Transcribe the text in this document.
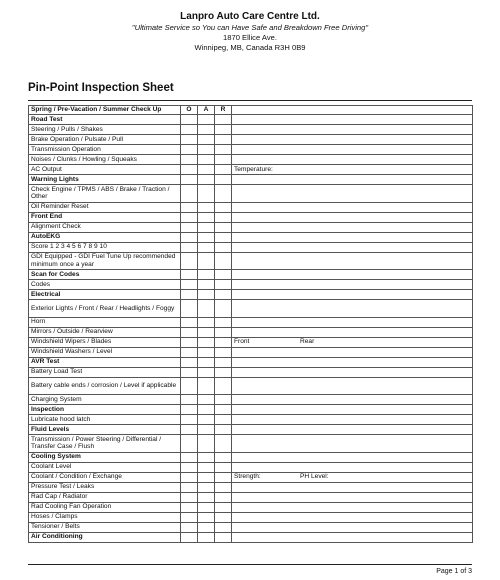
Lanpro Auto Care Centre Ltd.
"Ultimate Service so You can Have Safe and Breakdown Free Driving"
1870 Ellice Ave.
Winnipeg, MB, Canada R3H 0B9
Pin-Point Inspection Sheet
Spring / Pre-Vacation / Summer Check Up	O	A	R	
Road Test				
Steering / Pulls / Shakes				
Brake Operation / Pulsate / Pull				
Transmission Operation				
Noises / Clunks / Howling / Squeaks				
AC Output				Temperature:
Warning Lights				
Check Engine / TPMS / ABS / Brake / Traction / Other				
Oil Reminder Reset				
Front End				
Alignment Check				
AutoEKG				
Score 1 2 3 4 5 6 7 8 9 10				
GDI Equipped - GDI Fuel Tune Up recommended minimum once a year				
Scan for Codes				
Codes				
Electrical				
Exterior Lights / Front / Rear / Headlights / Foggy				
Horn				
Mirrors / Outside / Rearview				
Windshield Wipers / Blades				Front Rear
Windshield Washers / Level				
AVR Test				
Battery Load Test				
Battery cable ends / corrosion / Level if applicable				
Charging System				
Inspection				
Lubricate hood latch				
Fluid Levels				
Transmission / Power Steering / Differential / Transfer Case / Flush				
Cooling System				
Coolant Level				
Coolant / Condition / Exchange				Strength: PH Level:
Pressure Test / Leaks				
Rad Cap / Radiator				
Rad Cooling Fan Operation				
Hoses / Clamps				
Tensioner / Belts				
Air Conditioning				
Page 1 of 3
